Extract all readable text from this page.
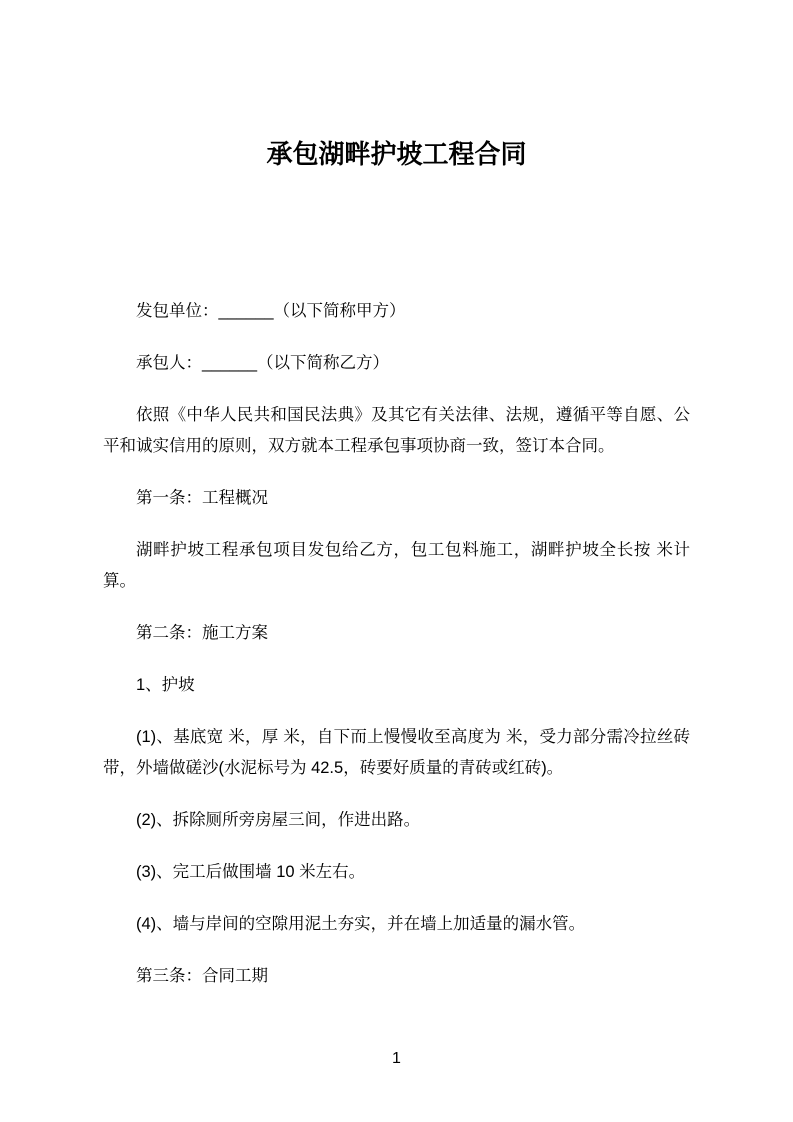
承包湖畔护坡工程合同

发包单位：______（以下简称甲方）

承包人：______（以下简称乙方）

依照《中华人民共和国民法典》及其它有关法律、法规，遵循平等自愿、公平和诚实信用的原则，双方就本工程承包事项协商一致，签订本合同。

第一条：工程概况

湖畔护坡工程承包项目发包给乙方，包工包料施工，湖畔护坡全长按 米计算。

第二条：施工方案

1、护坡

(1)、基底宽 米，厚 米，自下而上慢慢收至高度为 米，受力部分需冷拉丝砖带，外墙做磋沙(水泥标号为 42.5，砖要好质量的青砖或红砖)。

(2)、拆除厕所旁房屋三间，作进出路。

(3)、完工后做围墙 10 米左右。

(4)、墙与岸间的空隙用泥土夯实，并在墙上加适量的漏水管。

第三条：合同工期

1
